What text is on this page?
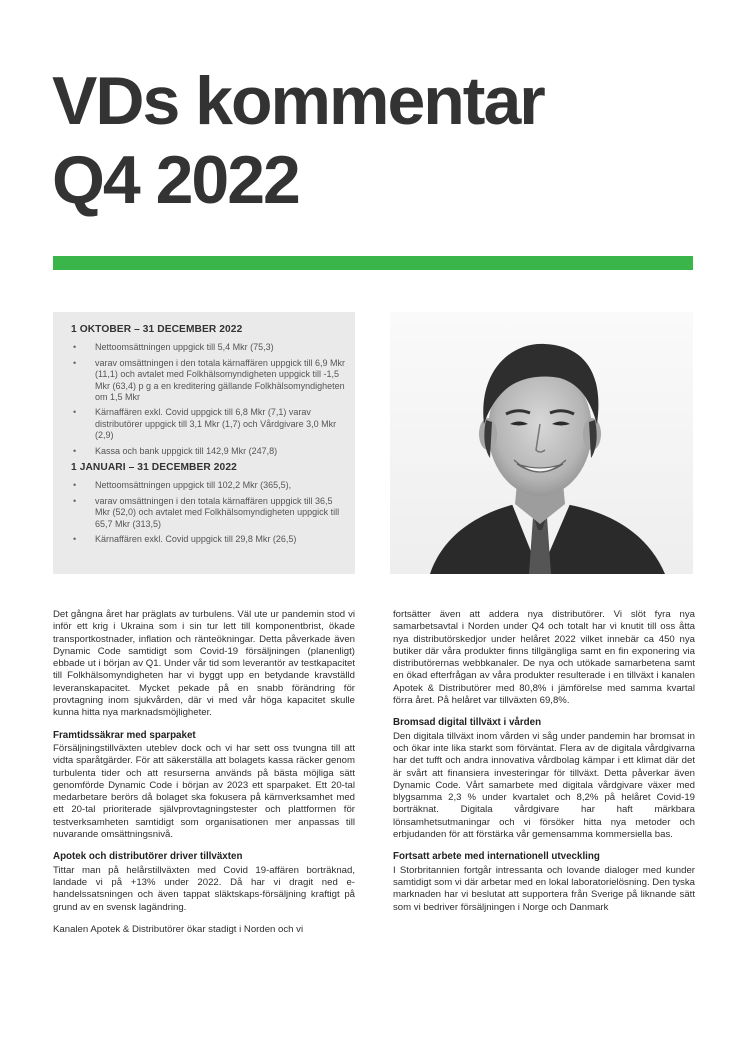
VDs kommentar
Q4 2022
1 OKTOBER – 31 DECEMBER 2022
• Nettoomsättningen uppgick till 5,4 Mkr (75,3)
• varav omsättningen i den totala kärnaffären uppgick till 6,9 Mkr (11,1) och avtalet med Folkhälsomyndigheten uppgick till -1,5 Mkr (63,4) p g a en kreditering gällande Folkhälsomyndigheten om 1,5 Mkr
• Kärnaffären exkl. Covid uppgick till 6,8 Mkr (7,1) varav distributörer uppgick till 3,1 Mkr (1,7) och Vårdgivare 3,0 Mkr (2,9)
• Kassa och bank uppgick till 142,9 Mkr (247,8)
1 JANUARI – 31 DECEMBER 2022
• Nettoomsättningen uppgick till 102,2 Mkr (365,5),
• varav omsättningen i den totala kärnaffären uppgick till 36,5 Mkr (52,0) och avtalet med Folkhälsomyndigheten uppgick till 65,7 Mkr (313,5)
• Kärnaffären exkl. Covid uppgick till 29,8 Mkr (26,5)

Det gångna året har präglats av turbulens. Väl ute ur pandemin stod vi inför ett krig i Ukraina som i sin tur lett till komponentbrist, ökade transportkostnader, inflation och ränteökningar. Detta påverkade även Dynamic Code samtidigt som Covid-19 försäljningen (planenligt) ebbade ut i början av Q1. Under vår tid som leverantör av testkapacitet till Folkhälsomyndigheten har vi byggt upp en betydande kravställd leveranskapacitet. Mycket pekade på en snabb förändring för provtagning inom sjukvården, där vi med vår höga kapacitet skulle kunna hitta nya marknadsmöjligheter.

Framtidssäkrar med sparpaket

Försäljningstillväxten uteblev dock och vi har sett oss tvungna till att vidta sparåtgärder. För att säkerställa att bolagets kassa räcker genom turbulenta tider och att resurserna används på bästa möjliga sätt genomförde Dynamic Code i början av 2023 ett sparpaket. Ett 20-tal medarbetare berörs då bolaget ska fokusera på kärnverksamhet med ett 20-tal prioriterade självprovtagningstester och plattformen för testverksamheten samtidigt som organisationen mer anpassas till nuvarande omsättningsnivå.

Apotek och distributörer driver tillväxten

Tittar man på helårstillväxten med Covid 19-affären borträknad, landade vi på +13% under 2022. Då har vi dragit ned e-handelssatsningen och även tappat släktskaps-försäljning kraftigt på grund av en svensk lagändring.

Kanalen Apotek & Distributörer ökar stadigt i Norden och vi

fortsätter även att addera nya distributörer. Vi slöt fyra nya samarbetsavtal i Norden under Q4 och totalt har vi knutit till oss åtta nya distributörskedjor under helåret 2022 vilket innebär ca 450 nya butiker där våra produkter finns tillgängliga samt en fin exponering via distributörernas webbkanaler. De nya och utökade samarbetena samt en ökad efterfrågan av våra produkter resulterade i en tillväxt i kanalen Apotek & Distributörer med 80,8% i jämförelse med samma kvartal förra året. På helåret var tillväxten 69,8%.

Bromsad digital tillväxt i vården

Den digitala tillväxt inom vården vi såg under pandemin har bromsat in och ökar inte lika starkt som förväntat. Flera av de digitala vårdgivarna har det tufft och andra innovativa vårdbolag kämpar i ett klimat där det är svårt att finansiera investeringar för tillväxt. Detta påverkar även Dynamic Code. Vårt samarbete med digitala vårdgivare växer med blygsamma 2,3 % under kvartalet och 8,2% på helåret Covid-19 borträknat. Digitala vårdgivare har haft märkbara lönsamhetsutmaningar och vi försöker hitta nya metoder och erbjudanden för att förstärka vår gemensamma kommersiella bas.

Fortsatt arbete med internationell utveckling

I Storbritannien fortgår intressanta och lovande dialoger med kunder samtidigt som vi där arbetar med en lokal laboratorielösning. Den tyska marknaden har vi beslutat att supportera från Sverige på liknande sätt som vi bedriver försäljningen i Norge och Danmark
